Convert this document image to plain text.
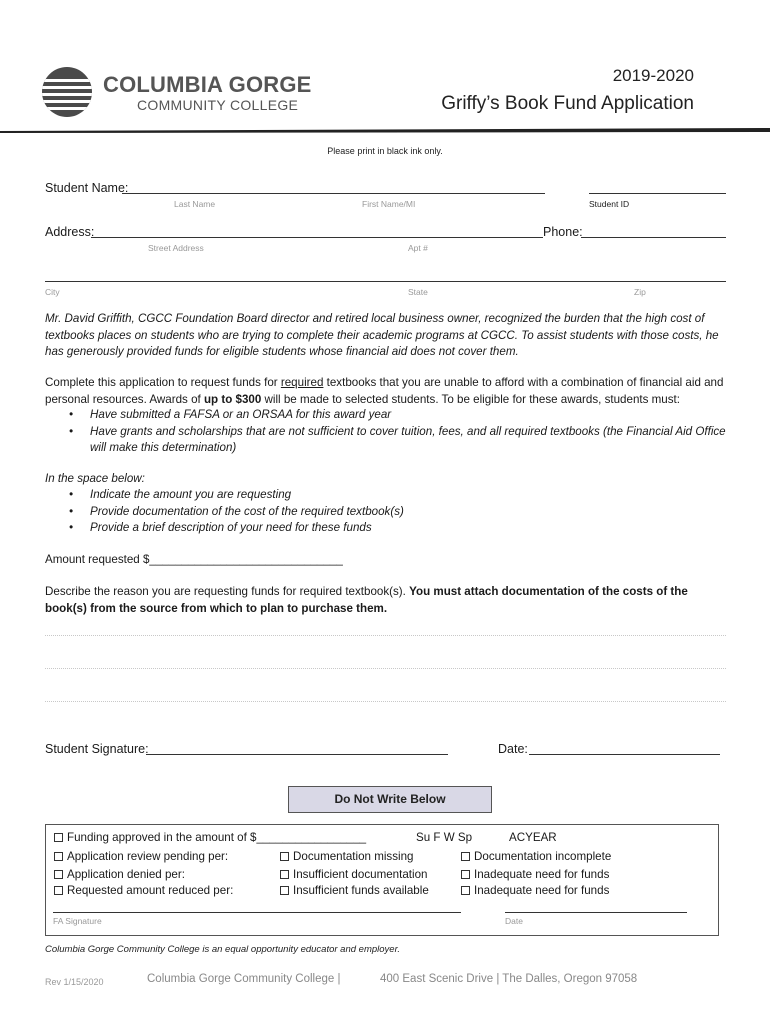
COLUMBIA GORGE
COMMUNITY COLLEGE
2019-2020
Griffy’s Book Fund Application
Please print in black ink only.
Student Name:
Last Name	First Name/MI	Student ID
Address:	Phone:
Street Address	Apt #
City	State	Zip
Mr. David Griffith, CGCC Foundation Board director and retired local business owner, recognized the burden that the high cost of textbooks places on students who are trying to complete their academic programs at CGCC. To assist students with those costs, he has generously provided funds for eligible students whose financial aid does not cover them.
Complete this application to request funds for required textbooks that you are unable to afford with a combination of financial aid and personal resources. Awards of up to $300 will be made to selected students. To be eligible for these awards, students must:
• Have submitted a FAFSA or an ORSAA for this award year
• Have grants and scholarships that are not sufficient to cover tuition, fees, and all required textbooks (the Financial Aid Office will make this determination)
In the space below:
• Indicate the amount you are requesting
• Provide documentation of the cost of the required textbook(s)
• Provide a brief description of your need for these funds
Amount requested $______________________________
Describe the reason you are requesting funds for required textbook(s). You must attach documentation of the costs of the book(s) from the source from which to plan to purchase them.
Student Signature:	Date:
Do Not Write Below
Funding approved in the amount of $_________________	Su F W Sp	ACYEAR
Application review pending per:	Documentation missing	Documentation incomplete
Application denied per:	Insufficient documentation	Inadequate need for funds
Requested amount reduced per:	Insufficient funds available	Inadequate need for funds
FA Signature	Date
Columbia Gorge Community College is an equal opportunity educator and employer.
Rev 1/15/2020	Columbia Gorge Community College |	400 East Scenic Drive | The Dalles, Oregon 97058
